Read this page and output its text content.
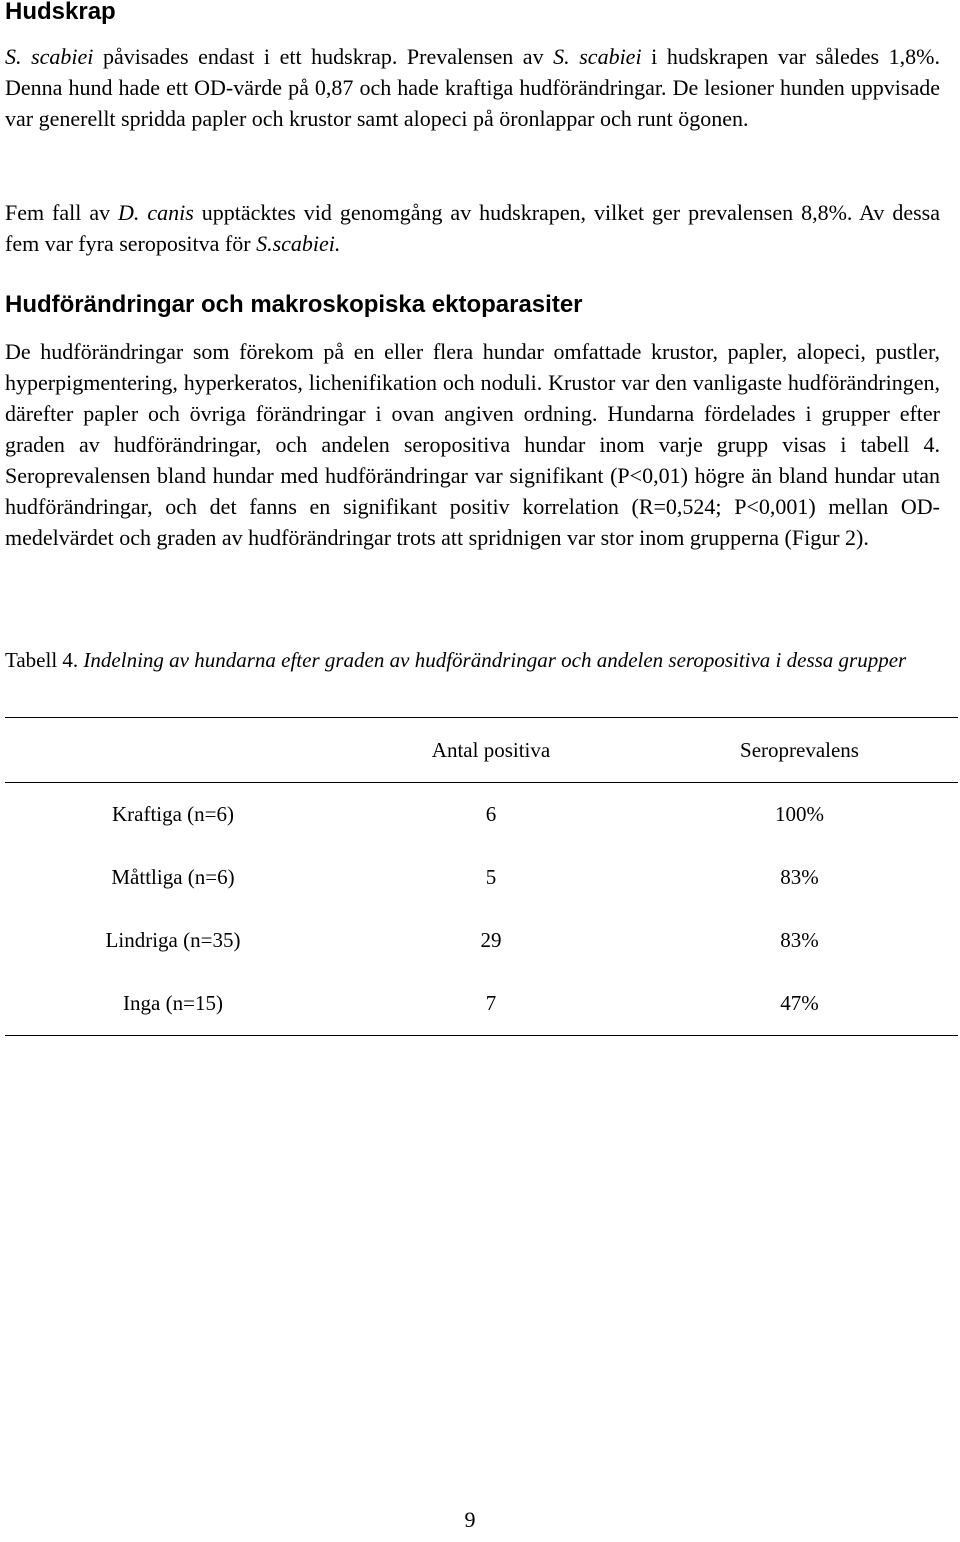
Hudskrap

S. scabiei påvisades endast i ett hudskrap. Prevalensen av S. scabiei i hudskrapen var således 1,8%. Denna hund hade ett OD-värde på 0,87 och hade kraftiga hudförändringar. De lesioner hunden uppvisade var generellt spridda papler och krustor samt alopeci på öronlappar och runt ögonen.

Fem fall av D. canis upptäcktes vid genomgång av hudskrapen, vilket ger prevalensen 8,8%. Av dessa fem var fyra seropositva för S.scabiei.

Hudförändringar och makroskopiska ektoparasiter

De hudförändringar som förekom på en eller flera hundar omfattade krustor, papler, alopeci, pustler, hyperpigmentering, hyperkeratos, lichenifikation och noduli. Krustor var den vanligaste hudförändringen, därefter papler och övriga förändringar i ovan angiven ordning. Hundarna fördelades i grupper efter graden av hudförändringar, och andelen seropositiva hundar inom varje grupp visas i tabell 4. Seroprevalensen bland hundar med hudförändringar var signifikant (P<0,01) högre än bland hundar utan hudförändringar, och det fanns en signifikant positiv korrelation (R=0,524; P<0,001) mellan OD-medelvärdet och graden av hudförändringar trots att spridnigen var stor inom grupperna (Figur 2).

Tabell 4. Indelning av hundarna efter graden av hudförändringar och andelen seropositiva i dessa grupper
	Antal positiva	Seroprevalens
Kraftiga (n=6)	6	100%
Måttliga (n=6)	5	83%
Lindriga (n=35)	29	83%
Inga (n=15)	7	47%
9
